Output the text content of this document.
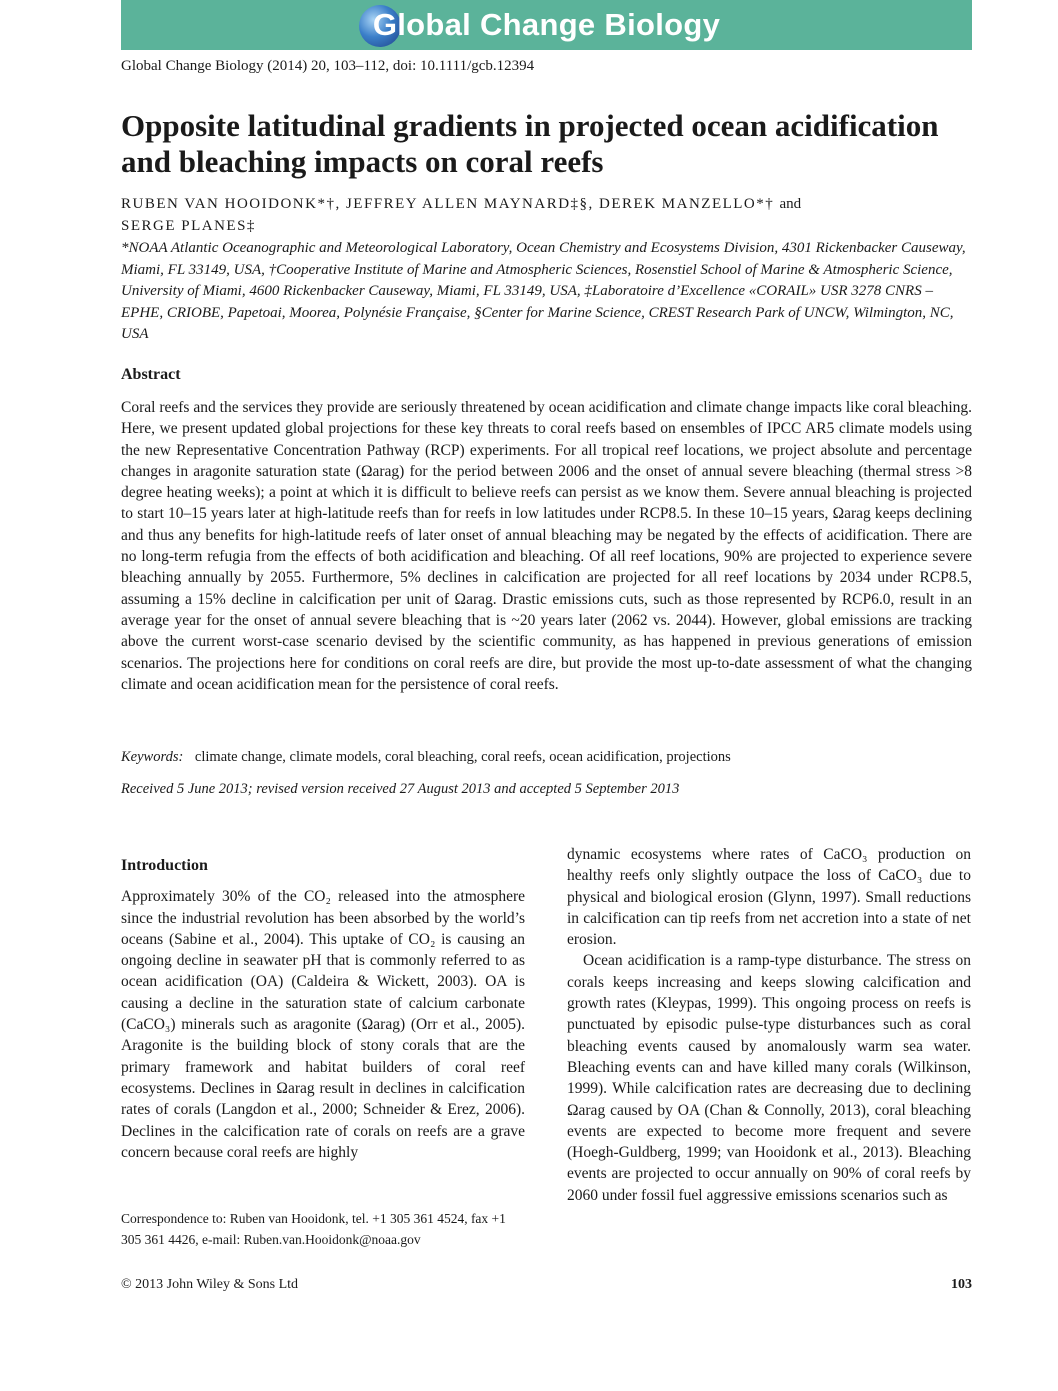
Global Change Biology
Global Change Biology (2014) 20, 103–112, doi: 10.1111/gcb.12394
Opposite latitudinal gradients in projected ocean acidification and bleaching impacts on coral reefs
RUBEN VAN HOOIDONK*†, JEFFREY ALLEN MAYNARD‡§, DEREK MANZELLO*† and
SERGE PLANES‡
*NOAA Atlantic Oceanographic and Meteorological Laboratory, Ocean Chemistry and Ecosystems Division, 4301 Rickenbacker Causeway, Miami, FL 33149, USA, †Cooperative Institute of Marine and Atmospheric Sciences, Rosenstiel School of Marine & Atmospheric Science, University of Miami, 4600 Rickenbacker Causeway, Miami, FL 33149, USA, ‡Laboratoire d’Excellence «CORAIL» USR 3278 CNRS – EPHE, CRIOBE, Papetoai, Moorea, Polynésie Française, §Center for Marine Science, CREST Research Park of UNCW, Wilmington, NC, USA
Abstract

Coral reefs and the services they provide are seriously threatened by ocean acidification and climate change impacts like coral bleaching. Here, we present updated global projections for these key threats to coral reefs based on ensembles of IPCC AR5 climate models using the new Representative Concentration Pathway (RCP) experiments. For all tropical reef locations, we project absolute and percentage changes in aragonite saturation state (Ωarag) for the period between 2006 and the onset of annual severe bleaching (thermal stress >8 degree heating weeks); a point at which it is difficult to believe reefs can persist as we know them. Severe annual bleaching is projected to start 10–15 years later at high-latitude reefs than for reefs in low latitudes under RCP8.5. In these 10–15 years, Ωarag keeps declining and thus any benefits for high-latitude reefs of later onset of annual bleaching may be negated by the effects of acidification. There are no long-term refugia from the effects of both acidification and bleaching. Of all reef locations, 90% are projected to experience severe bleaching annually by 2055. Furthermore, 5% declines in calcification are projected for all reef locations by 2034 under RCP8.5, assuming a 15% decline in calcification per unit of Ωarag. Drastic emissions cuts, such as those represented by RCP6.0, result in an average year for the onset of annual severe bleaching that is ~20 years later (2062 vs. 2044). However, global emissions are tracking above the current worst-case scenario devised by the scientific community, as has happened in previous generations of emission scenarios. The projections here for conditions on coral reefs are dire, but provide the most up-to-date assessment of what the changing climate and ocean acidification mean for the persistence of coral reefs.

Keywords: climate change, climate models, coral bleaching, coral reefs, ocean acidification, projections
Received 5 June 2013; revised version received 27 August 2013 and accepted 5 September 2013

Introduction

Approximately 30% of the CO₂ released into the atmosphere since the industrial revolution has been absorbed by the world’s oceans (Sabine et al., 2004). This uptake of CO₂ is causing an ongoing decline in seawater pH that is commonly referred to as ocean acidification (OA) (Caldeira & Wickett, 2003). OA is causing a decline in the saturation state of calcium carbonate (CaCO₃) minerals such as aragonite (Ωarag) (Orr et al., 2005). Aragonite is the building block of stony corals that are the primary framework and habitat builders of coral reef ecosystems. Declines in Ωarag result in declines in calcification rates of corals (Langdon et al., 2000; Schneider & Erez, 2006). Declines in the calcification rate of corals on reefs are a grave concern because coral reefs are highly

Correspondence to: Ruben van Hooidonk, tel. +1 305 361 4524, fax +1 305 361 4426, e-mail: Ruben.van.Hooidonk@noaa.gov

dynamic ecosystems where rates of CaCO₃ production on healthy reefs only slightly outpace the loss of CaCO₃ due to physical and biological erosion (Glynn, 1997). Small reductions in calcification can tip reefs from net accretion into a state of net erosion.

Ocean acidification is a ramp-type disturbance. The stress on corals keeps increasing and keeps slowing calcification and growth rates (Kleypas, 1999). This ongoing process on reefs is punctuated by episodic pulse-type disturbances such as coral bleaching events caused by anomalously warm sea water. Bleaching events can and have killed many corals (Wilkinson, 1999). While calcification rates are decreasing due to declining Ωarag caused by OA (Chan & Connolly, 2013), coral bleaching events are expected to become more frequent and severe (Hoegh-Guldberg, 1999; van Hooidonk et al., 2013). Bleaching events are projected to occur annually on 90% of coral reefs by 2060 under fossil fuel aggressive emissions scenarios such as

© 2013 John Wiley & Sons Ltd	103
